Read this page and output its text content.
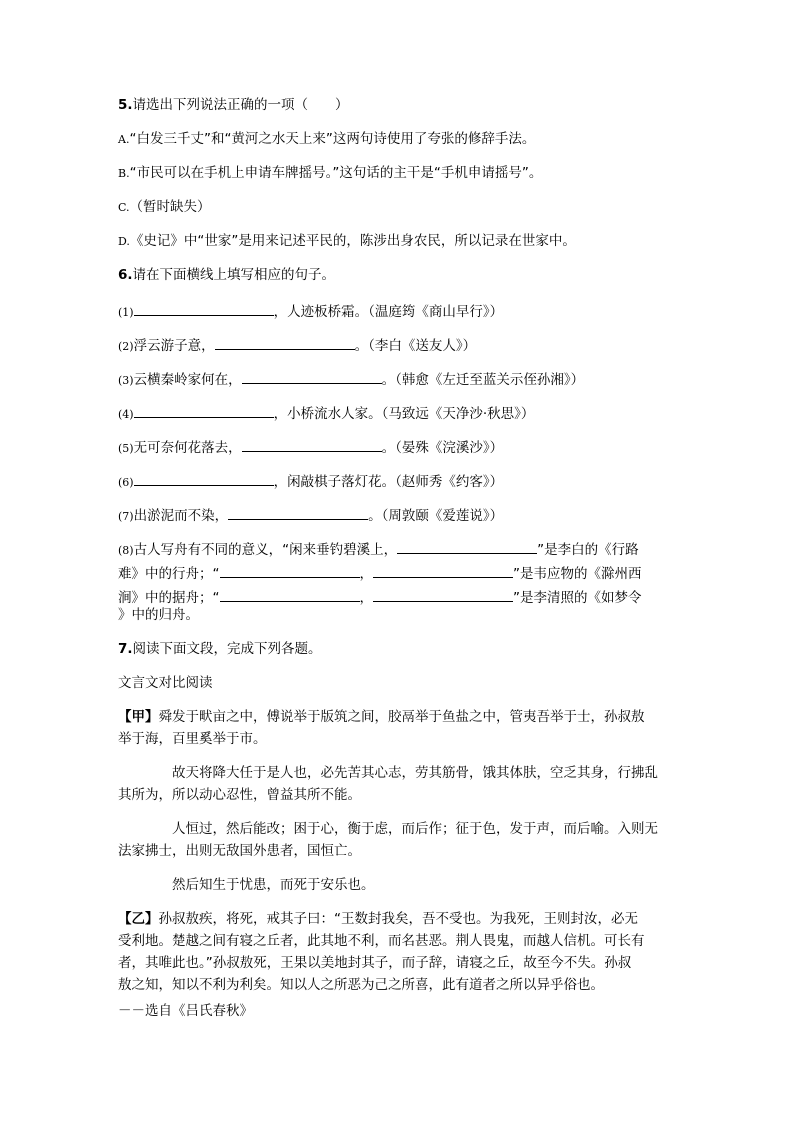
5.请选出下列说法正确的一项（　　）
A.“白发三千丈”和“黄河之水天上来”这两句诗使用了夸张的修辞手法。
B.“市民可以在手机上申请车牌摇号。”这句话的主干是“手机申请摇号”。
C.（暂时缺失）
D.《史记》中“世家”是用来记述平民的，陈涉出身农民，所以记录在世家中。
6.请在下面横线上填写相应的句子。
(1)	，人迹板桥霜。（温庭筠《商山早行》）
(2)浮云游子意，	。（李白《送友人》）
(3)云横秦岭家何在，	。（韩愈《左迁至蓝关示侄孙湘》）
(4)	，小桥流水人家。（马致远《天净沙·秋思》）
(5)无可奈何花落去，	。（晏殊《浣溪沙》）
(6)	，闲敲棋子落灯花。（赵师秀《约客》）
(7)出淤泥而不染，	。（周敦颐《爱莲说》）
(8)古人写舟有不同的意义，“闲来垂钓碧溪上，	”是李白的《行路
难》中的行舟；“	，	”是韦应物的《滁州西
涧》中的据舟；“	，	”是李清照的《如梦令
》中的归舟。
7.阅读下面文段，完成下列各题。
文言文对比阅读
【甲】舜发于畎亩之中，傅说举于版筑之间，胶鬲举于鱼盐之中，管夷吾举于士，孙叔敖
举于海，百里奚举于市。
故天将降大任于是人也，必先苦其心志，劳其筋骨，饿其体肤，空乏其身，行拂乱
其所为，所以动心忍性，曾益其所不能。
人恒过，然后能改；困于心，衡于虑，而后作；征于色，发于声，而后喻。入则无
法家拂士，出则无敌国外患者，国恒亡。
然后知生于忧患，而死于安乐也。
【乙】孙叔敖疾，将死，戒其子曰：“王数封我矣，吾不受也。为我死，王则封汝，必无
受利地。楚越之间有寝之丘者，此其地不利，而名甚恶。荆人畏鬼，而越人信机。可长有
者，其唯此也。”孙叔敖死，王果以美地封其子，而子辞，请寝之丘，故至今不失。孙叔
敖之知，知以不利为利矣。知以人之所恶为己之所喜，此有道者之所以异乎俗也。
－－选自《吕氏春秋》
